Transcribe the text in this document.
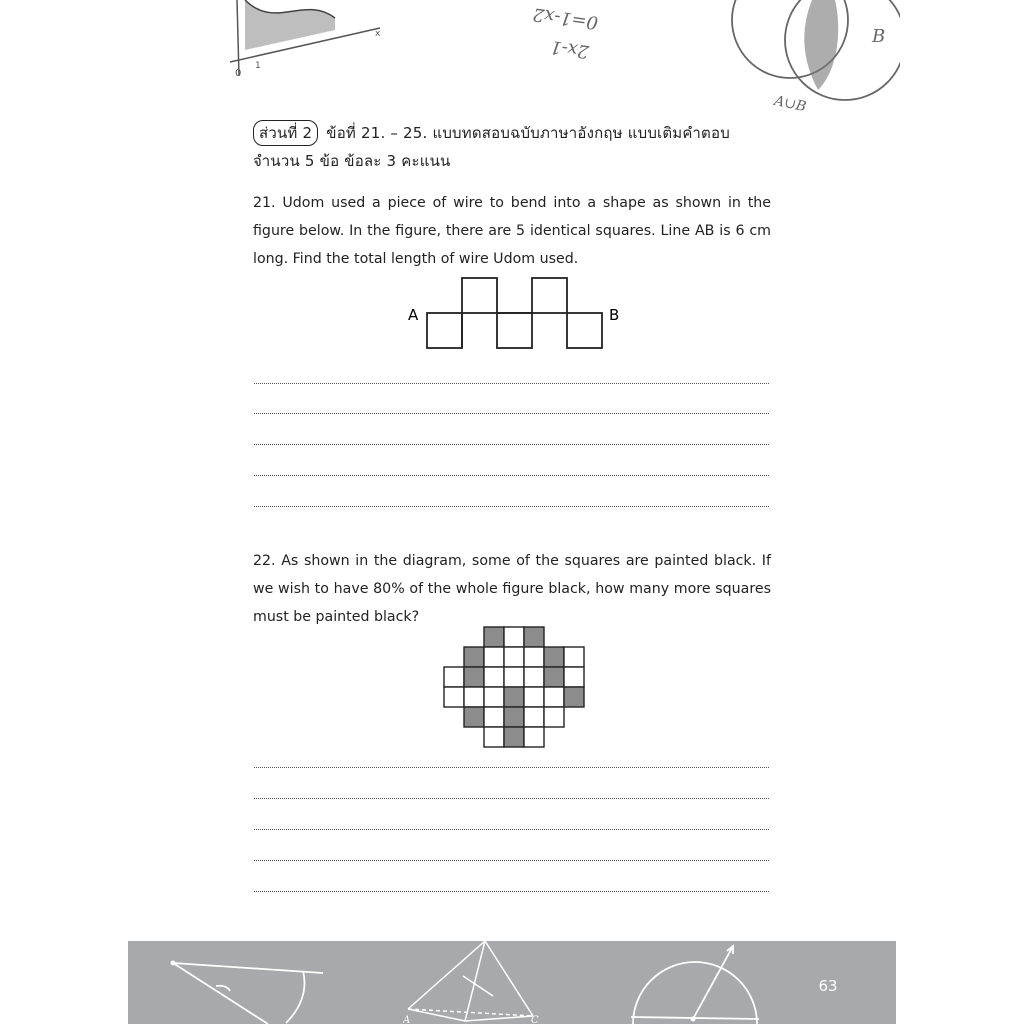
0
1
x
2x-1
0=1-x2
B
A∪B
ส่วนที่ 2 ข้อที่ 21. – 25. แบบทดสอบฉบับภาษาอังกฤษ แบบเติมคำตอบ
จำนวน 5 ข้อ ข้อละ 3 คะแนน
21. Udom used a piece of wire to bend into a shape as shown in the figure below. In the figure, there are 5 identical squares. Line AB is 6 cm long. Find the total length of wire Udom used.
A	B
22. As shown in the diagram, some of the squares are painted black. If we wish to have 80% of the whole figure black, how many more squares must be painted black?
A	C
63
